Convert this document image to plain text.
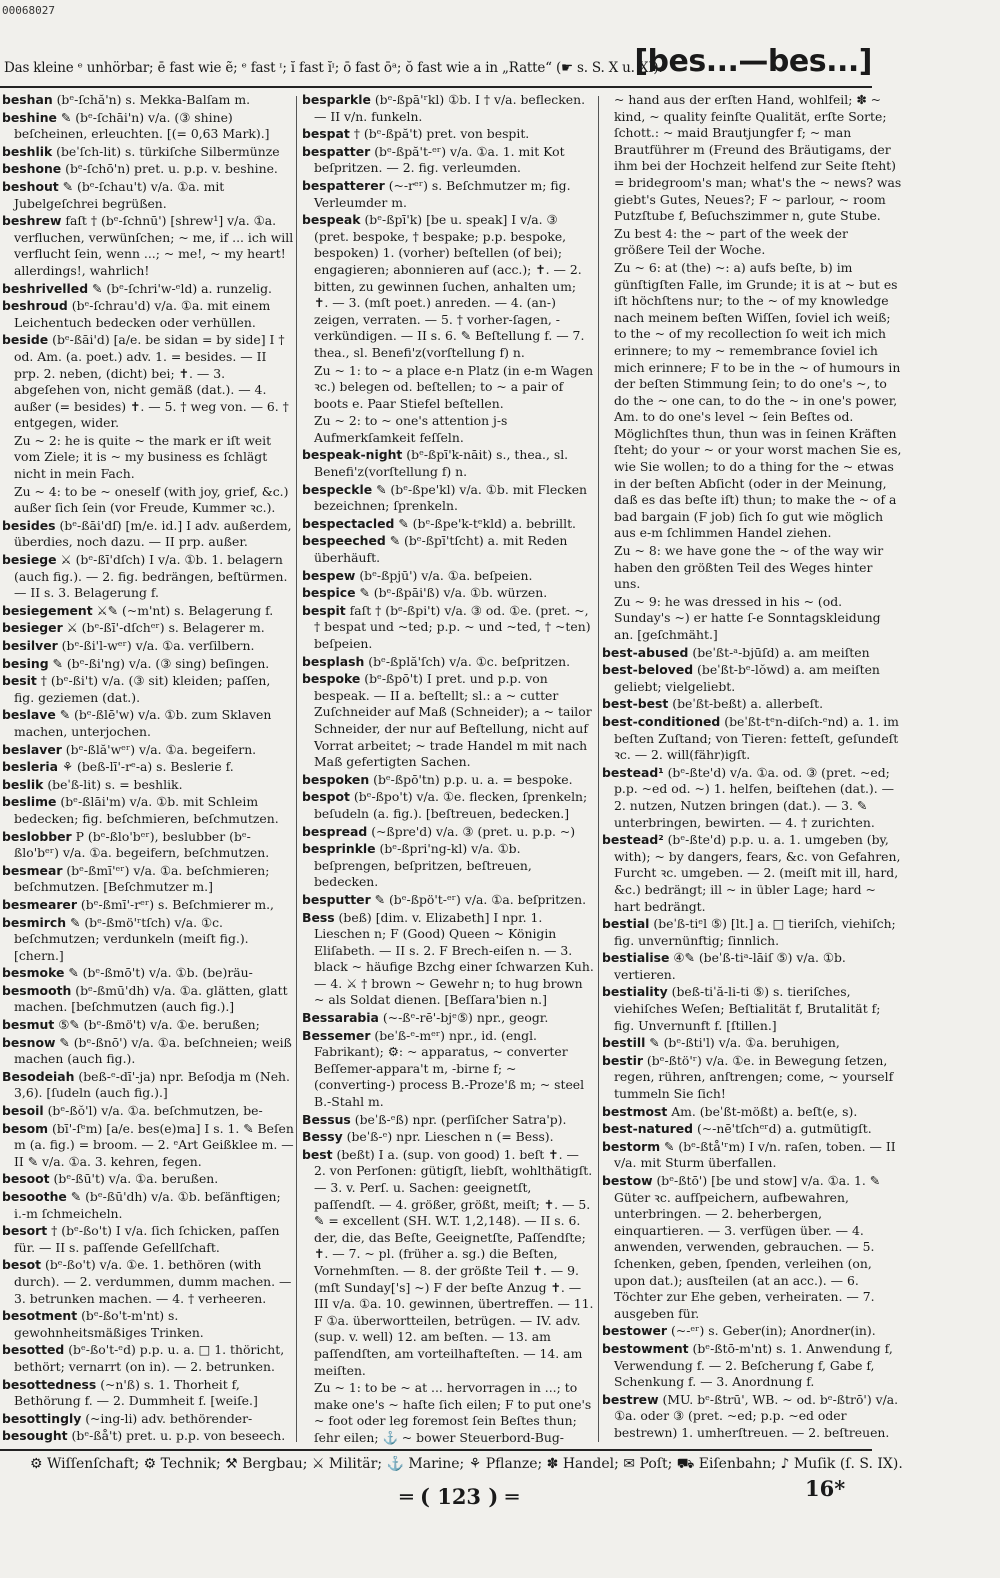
00068027
Das kleine ᵉ unhörbar; ē fast wie ẽ; ᵉ fast ᶦ; ĭ fast ĭᶦ; ō fast ōᵃ; ŏ fast wie a in „Ratte“ (☛ s. S. X u. XI).
[bes...—bes...]
beshan (bᵉ-ſchă'n) s. Mekka-Balſam m.
beshine ✎ (bᵉ-ſchāi'n) v/a. (③ shine) beſcheinen, erleuchten. [(= 0,63 Mark).]
beshlik (beˈſch-lit) s. türkiſche Silbermünze
beshone (bᵉ-ſchō'n) pret. u. p.p. v. beshine.
beshout ✎ (bᵉ-ſchau't) v/a. ①a. mit Jubelgeſchrei begrüßen.
beshrew faſt † (bᵉ-ſchnū') [shrew¹] v/a. ①a. verfluchen, verwünſchen; ~ me, if ... ich will verflucht ſein, wenn ...; ~ me!, ~ my heart! allerdings!, wahrlich!
beshrivelled ✎ (bᵉ-ſchri'w-ᵉld) a. runzelig.
beshroud (bᵉ-ſchrau'd) v/a. ①a. mit einem Leichentuch bedecken oder verhüllen.
beside (bᵉ-ßāi'd) [a/e. be sidan = by side] I † od. Am. (a. poet.) adv. 1. = besides. — II prp. 2. neben, (dicht) bei; ✝. — 3. abgeſehen von, nicht gemäß (dat.). — 4. außer (= besides) ✝. — 5. † weg von. — 6. † entgegen, wider.
Zu ~ 2: he is quite ~ the mark er iſt weit vom Ziele; it is ~ my business es ſchlägt nicht in mein Fach.
Zu ~ 4: to be ~ oneself (with joy, grief, &c.) außer ſich ſein (vor Freude, Kummer ꝛc.).
besides (bᵉ-ßāi'dſ) [m/e. id.] I adv. außerdem, überdies, noch dazu. — II prp. außer.
besiege ⚔ (bᵉ-ßī'dſch) I v/a. ①b. 1. belagern (auch fig.). — 2. fig. bedrängen, beſtürmen. — II s. 3. Belagerung f.
besiegement ⚔✎ (~m'nt) s. Belagerung f.
besieger ⚔ (bᵉ-ßī'-dſchᵉʳ) s. Belagerer m.
besilver (bᵉ-ßi'l-wᵉʳ) v/a. ①a. verſilbern.
besing ✎ (bᵉ-ßi'ng) v/a. (③ sing) beſingen.
besit † (bᵉ-ßi't) v/a. (③ sit) kleiden; paſſen, fig. geziemen (dat.).
beslave ✎ (bᵉ-ßlē'w) v/a. ①b. zum Sklaven machen, unterjochen.
beslaver (bᵉ-ßlă'wᵉʳ) v/a. ①a. begeifern.
besleria ⚘ (beß-lī'-rᵉ-a) s. Beslerie f.
beslik (beˈß-lit) s. = beshlik.
beslime (bᵉ-ßlāi'm) v/a. ①b. mit Schleim bedecken; fig. beſchmieren, beſchmutzen.
beslobber P (bᵉ-ßlo'bᵉʳ), beslubber (bᵉ-ßlo'bᵉʳ) v/a. ①a. begeifern, beſchmutzen.
besmear (bᵉ-ßmī'ᵉʳ) v/a. ①a. beſchmieren; beſchmutzen. [Beſchmutzer m.]
besmearer (bᵉ-ßmī'-rᵉʳ) s. Beſchmierer m.,
besmirch ✎ (bᵉ-ßmö'ʳtſch) v/a. ①c. beſchmutzen; verdunkeln (meiſt fig.). [chern.]
besmoke ✎ (bᵉ-ßmō't) v/a. ①b. (be)räu-
besmooth (bᵉ-ßmū'dh) v/a. ①a. glätten, glatt machen. [beſchmutzen (auch fig.).]
besmut ⑤✎ (bᵉ-ßmö't) v/a. ①e. berußen;
besnow ✎ (bᵉ-ßnō') v/a. ①a. beſchneien; weiß machen (auch fig.).
Besodeiah (beß-ᵉ-dī'-ja) npr. Beſodja m (Neh. 3,6). [ſudeln (auch fig.).]
besoil (bᵉ-ßŏ'l) v/a. ①a. beſchmutzen, be-
besom (bī'-ſᵉm) [a/e. bes(e)ma] I s. 1. ✎ Beſen m (a. fig.) = broom. — 2. ᵉArt Geißklee m. — II ✎ v/a. ①a. 3. kehren, fegen.
besoot (bᵉ-ßū't) v/a. ①a. berußen.
besoothe ✎ (bᵉ-ßū'dh) v/a. ①b. beſänftigen; i.-m ſchmeicheln.
besort † (bᵉ-ßo't) I v/a. ſich ſchicken, paſſen für. — II s. paſſende Geſellſchaft.
besot (bᵉ-ßo't) v/a. ①e. 1. bethören (with durch). — 2. verdummen, dumm machen. — 3. betrunken machen. — 4. † verheeren.
besotment (bᵉ-ßo't-m'nt) s. gewohnheitsmäßiges Trinken.
besotted (bᵉ-ßo't-ᵉd) p.p. u. a. □ 1. thöricht, bethört; vernarrt (on in). — 2. betrunken.
besottedness (~n'ß) s. 1. Thorheit f, Bethörung f. — 2. Dummheit f. [weiſe.]
besottingly (~ing-li) adv. bethörender-
besought (bᵉ-ßå't) pret. u. p.p. von beseech.
besparkle (bᵉ-ßpā'ʳkl) ①b. I † v/a. beflecken. — II v/n. funkeln.
bespat † (bᵉ-ßpă't) pret. von bespit.
bespatter (bᵉ-ßpă't-ᵉʳ) v/a. ①a. 1. mit Kot beſpritzen. — 2. fig. verleumden.
bespatterer (~-rᵉʳ) s. Beſchmutzer m; fig. Verleumder m.
bespeak (bᵉ-ßpī'k) [be u. speak] I v/a. ③ (pret. bespoke, † bespake; p.p. bespoke, bespoken) 1. (vorher) beſtellen (of bei); engagieren; abonnieren auf (acc.); ✝. — 2. bitten, zu gewinnen ſuchen, anhalten um; ✝. — 3. (mſt poet.) anreden. — 4. (an-) zeigen, verraten. — 5. † vorher-ſagen, -verkündigen. — II s. 6. ✎ Beſtellung f. — 7. thea., sl. Benefi'z(vorſtellung f) n.
Zu ~ 1: to ~ a place e-n Platz (in e-m Wagen ꝛc.) belegen od. beſtellen; to ~ a pair of boots e. Paar Stiefel beſtellen.
Zu ~ 2: to ~ one's attention j-s Aufmerkſamkeit feſſeln.
bespeak-night (bᵉ-ßpī'k-nāit) s., thea., sl. Benefi'z(vorſtellung f) n.
bespeckle ✎ (bᵉ-ßpe'kl) v/a. ①b. mit Flecken bezeichnen; ſprenkeln.
bespectacled ✎ (bᵉ-ßpe'k-tᵉkld) a. bebrillt.
bespeeched ✎ (bᵉ-ßpī'tſcht) a. mit Reden überhäuft.
bespew (bᵉ-ßpjū') v/a. ①a. beſpeien.
bespice ✎ (bᵉ-ßpāi'ß) v/a. ①b. würzen.
bespit faſt † (bᵉ-ßpi't) v/a. ③ od. ①e. (pret. ~, † bespat und ~ted; p.p. ~ und ~ted, † ~ten) beſpeien.
besplash (bᵉ-ßplă'ſch) v/a. ①c. beſpritzen.
bespoke (bᵉ-ßpō't) I pret. und p.p. von bespeak. — II a. beſtellt; sl.: a ~ cutter Zuſchneider auf Maß (Schneider); a ~ tailor Schneider, der nur auf Beſtellung, nicht auf Vorrat arbeitet; ~ trade Handel m mit nach Maß gefertigten Sachen.
bespoken (bᵉ-ßpō'tn) p.p. u. a. = bespoke.
bespot (bᵉ-ßpo't) v/a. ①e. flecken, ſprenkeln; beſudeln (a. fig.). [beſtreuen, bedecken.]
bespread (~ßpre'd) v/a. ③ (pret. u. p.p. ~)
besprinkle (bᵉ-ßpri'ng-kl) v/a. ①b. beſprengen, beſpritzen, beſtreuen, bedecken.
besputter ✎ (bᵉ-ßpö't-ᵉʳ) v/a. ①a. beſpritzen.
Bess (beß) [dim. v. Elizabeth] I npr. 1. Lieschen n; F (Good) Queen ~ Königin Eliſabeth. — II s. 2. F Brech-eiſen n. — 3. black ~ häufige Bzchg einer ſchwarzen Kuh. — 4. ⚔ † brown ~ Gewehr n; to hug brown ~ als Soldat dienen. [Beſſara'bien n.]
Bessarabia (~-ßᵉ-rē'-bjᵉ⑤) npr., geogr.
Bessemer (beˈß-ᵉ-mᵉʳ) npr., id. (engl. Fabrikant); ⚙: ~ apparatus, ~ converter Beſſemer-appara't m, -birne f; ~ (converting-) process B.-Proze'ß m; ~ steel B.-Stahl m.
Bessus (beˈß-ᵉß) npr. (perſiſcher Satra'p).
Bessy (beˈß-ᵉ) npr. Lieschen n (= Bess).
best (beßt) I a. (sup. von good) 1. beſt ✝. — 2. von Perſonen: gütigſt, liebſt, wohlthätigſt. — 3. v. Perſ. u. Sachen: geeignetſt, paſſendſt. — 4. größer, größt, meiſt; ✝. — 5. ✎ = excellent (SH. W.T. 1,2,148). — II s. 6. der, die, das Beſte, Geeignetſte, Paſſendſte; ✝. — 7. ~ pl. (früher a. sg.) die Beſten, Vornehmſten. — 8. der größte Teil ✝. — 9. (mſt Sunday['s] ~) F der beſte Anzug ✝. — III v/a. ①a. 10. gewinnen, übertreffen. — 11. F ①a. überwortteilen, betrügen. — IV. adv. (sup. v. well) 12. am beſten. — 13. am paſſendſten, am vorteilhafteſten. — 14. am meiſten.
Zu ~ 1: to be ~ at ... hervorragen in ...; to make one's ~ haſte ſich eilen; F to put one's ~ foot oder leg foremost ſein Beſtes thun; ſehr eilen; ⚓ ~ bower Steuerbord-Bug-
~ hand aus der erſten Hand, wohlfeil; ✽ ~ kind, ~ quality feinſte Qualität, erſte Sorte; ſchott.: ~ maid Brautjungfer f; ~ man Brautführer m (Freund des Bräutigams, der ihm bei der Hochzeit helfend zur Seite ſteht) = bridegroom's man; what's the ~ news? was giebt's Gutes, Neues?; F ~ parlour, ~ room Putzſtube f, Beſuchszimmer n, gute Stube.
Zu best 4: the ~ part of the week der größere Teil der Woche.
Zu ~ 6: at (the) ~: a) aufs beſte, b) im günſtigſten Falle, im Grunde; it is at ~ but es iſt höchſtens nur; to the ~ of my knowledge nach meinem beſten Wiſſen, ſoviel ich weiß; to the ~ of my recollection ſo weit ich mich erinnere; to my ~ remembrance ſoviel ich mich erinnere; F to be in the ~ of humours in der beſten Stimmung ſein; to do one's ~, to do the ~ one can, to do the ~ in one's power, Am. to do one's level ~ ſein Beſtes od. Möglichſtes thun, thun was in ſeinen Kräften ſteht; do your ~ or your worst machen Sie es, wie Sie wollen; to do a thing for the ~ etwas in der beſten Abſicht (oder in der Meinung, daß es das beſte iſt) thun; to make the ~ of a bad bargain (F job) ſich ſo gut wie möglich aus e-m ſchlimmen Handel ziehen.
Zu ~ 8: we have gone the ~ of the way wir haben den größten Teil des Weges hinter uns.
Zu ~ 9: he was dressed in his ~ (od. Sunday's ~) er hatte ſ-e Sonntagskleidung an. [geſchmäht.]
best-abused (beˈßt-ᵃ-bjūſd) a. am meiſten
best-beloved (beˈßt-bᵉ-lŏwd) a. am meiſten geliebt; vielgeliebt.
best-best (beˈßt-beßt) a. allerbeſt.
best-conditioned (beˈßt-tᵉn-diſch-ᵉnd) a. 1. im beſten Zuſtand; von Tieren: fetteſt, geſundeſt ꝛc. — 2. will(fähr)igſt.
bestead¹ (bᵉ-ßte'd) v/a. ①a. od. ③ (pret. ~ed; p.p. ~ed od. ~) 1. helfen, beiſtehen (dat.). — 2. nutzen, Nutzen bringen (dat.). — 3. ✎ unterbringen, bewirten. — 4. † zurichten.
bestead² (bᵉ-ßte'd) p.p. u. a. 1. umgeben (by, with); ~ by dangers, fears, &c. von Gefahren, Furcht ꝛc. umgeben. — 2. (meiſt mit ill, hard, &c.) bedrängt; ill ~ in übler Lage; hard ~ hart bedrängt.
bestial (beˈß-tiᵉl ⑤) [lt.] a. □ tieriſch, viehiſch; fig. unvernünftig; ſinnlich.
bestialise ④✎ (beˈß-tiᵃ-lāiſ ⑤) v/a. ①b. vertieren.
bestiality (beß-tiˈă-li-ti ⑤) s. tieriſches, viehiſches Weſen; Beſtialität f, Brutalität f; fig. Unvernunft f. [ſtillen.]
bestill ✎ (bᵉ-ßti'l) v/a. ①a. beruhigen,
bestir (bᵉ-ßtö'ʳ) v/a. ①e. in Bewegung ſetzen, regen, rühren, anſtrengen; come, ~ yourself tummeln Sie ſich!
bestmost Am. (beˈßt-mößt) a. beſt(e, s).
best-natured (~-nē'tſchᵉʳd) a. gutmütigſt.
bestorm ✎ (bᵉ-ßtå'ʳm) I v/n. raſen, toben. — II v/a. mit Sturm überfallen.
bestow (bᵉ-ßtō') [be und stow] v/a. ①a. 1. ✎ Güter ꝛc. aufſpeichern, aufbewahren, unterbringen. — 2. beherbergen, einquartieren. — 3. verfügen über. — 4. anwenden, verwenden, gebrauchen. — 5. ſchenken, geben, ſpenden, verleihen (on, upon dat.); ausſteilen (at an acc.). — 6. Töchter zur Ehe geben, verheiraten. — 7. ausgeben für.
bestower (~-ᵉʳ) s. Geber(in); Anordner(in).
bestowment (bᵉ-ßtō-m'nt) s. 1. Anwendung f, Verwendung f. — 2. Beſcherung f, Gabe f, Schenkung f. — 3. Anordnung f.
bestrew (MU. bᵉ-ßtrū', WB. ~ od. bᵉ-ßtrō') v/a. ①a. oder ③ (pret. ~ed; p.p. ~ed oder bestrewn) 1. umherſtreuen. — 2. beſtreuen.
⚙ Wiſſenſchaft; ⚙ Technik; ⚒ Bergbau; ⚔ Militär; ⚓ Marine; ⚘ Pflanze; ✽ Handel; ✉ Poſt; ⛟ Eiſenbahn; ♪ Muſik (ſ. S. IX).
═ ( 123 ) ═	16*
